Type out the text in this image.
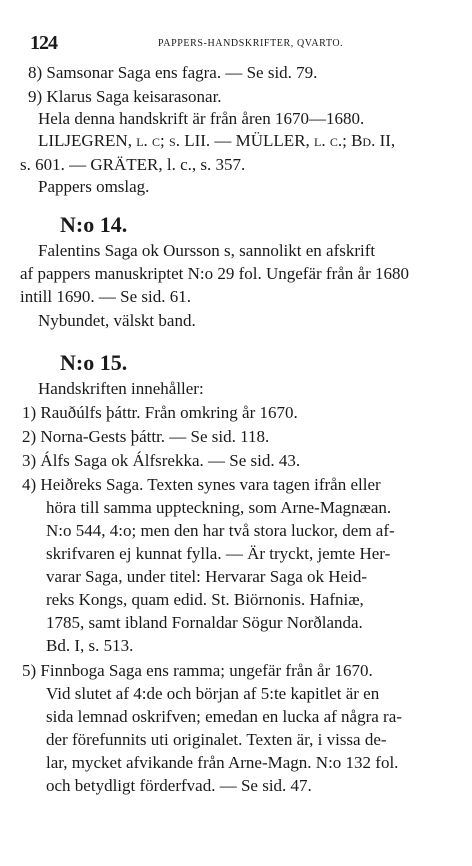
124	PAPPERS-HANDSKRIFTER, QVARTO.
8) Samsonar Saga ens fagra. — Se sid. 79.
9) Klarus Saga keisarasonar.
Hela denna handskrift är från åren 1670—1680.
LILJEGREN, l. c; s. LII. — MÜLLER, l. c.; Bd. II,
s. 601. — GRÄTER, l. c., s. 357.
Pappers omslag.
N:o 14.
Falentins Saga ok Oursson s, sannolikt en afskrift
af pappers manuskriptet N:o 29 fol. Ungefär från år 1680
intill 1690. — Se sid. 61.
Nybundet, välskt band.
N:o 15.
Handskriften innehåller:
1) Rauðúlfs þáttr. Från omkring år 1670.
2) Norna-Gests þáttr. — Se sid. 118.
3) Álfs Saga ok Álfsrekka. — Se sid. 43.
4) Heiðreks Saga. Texten synes vara tagen ifrån eller
höra till samma uppteckning, som Arne-Magnæan.
N:o 544, 4:o; men den har två stora luckor, dem af-
skrifvaren ej kunnat fylla. — Är tryckt, jemte Her-
varar Saga, under titel: Hervarar Saga ok Heid-
reks Kongs, quam edid. St. Biörnonis. Hafniæ,
1785, samt ibland Fornaldar Sögur Norðlanda.
Bd. I, s. 513.
5) Finnboga Saga ens ramma; ungefär från år 1670.
Vid slutet af 4:de och början af 5:te kapitlet är en
sida lemnad oskrifven; emedan en lucka af några ra-
der förefunnits uti originalet. Texten är, i vissa de-
lar, mycket afvikande från Arne-Magn. N:o 132 fol.
och betydligt förderfvad. — Se sid. 47.
